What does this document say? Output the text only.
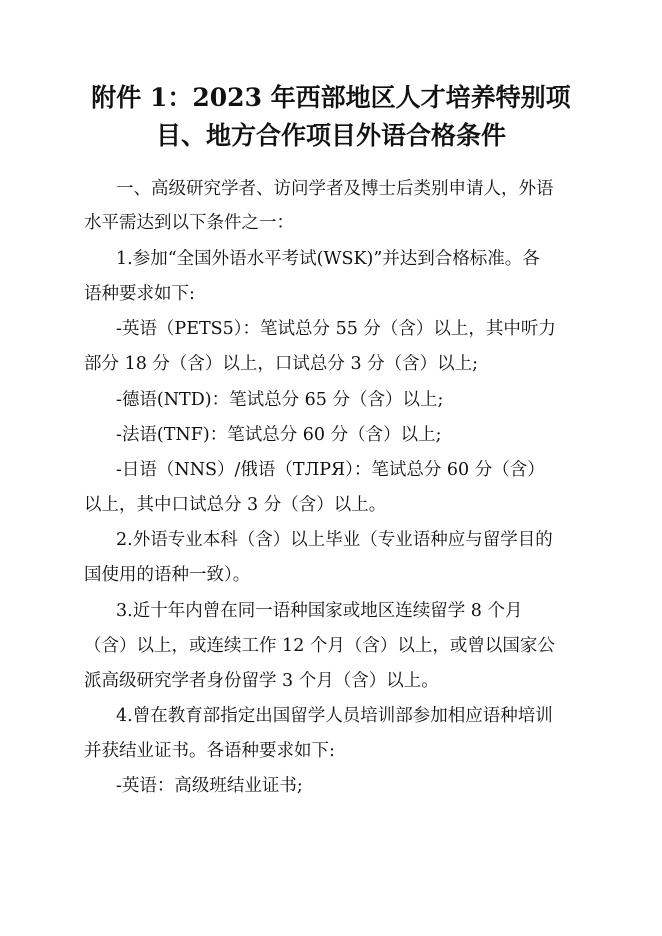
附件 1：2023 年西部地区人才培养特别项
目、地方合作项目外语合格条件
一、高级研究学者、访问学者及博士后类别申请人，外语
水平需达到以下条件之一：
1.参加“全国外语水平考试(WSK)”并达到合格标准。各
语种要求如下:
-英语（PETS5）：笔试总分 55 分（含）以上，其中听力
部分 18 分（含）以上，口试总分 3 分（含）以上;
-德语(NTD)：笔试总分 65 分（含）以上;
-法语(TNF)：笔试总分 60 分（含）以上;
-日语（NNS）/俄语（ТЛРЯ）：笔试总分 60 分（含）
以上，其中口试总分 3 分（含）以上。
2.外语专业本科（含）以上毕业（专业语种应与留学目的
国使用的语种一致）。
3.近十年内曾在同一语种国家或地区连续留学 8 个月
（含）以上，或连续工作 12 个月（含）以上，或曾以国家公
派高级研究学者身份留学 3 个月（含）以上。
4.曾在教育部指定出国留学人员培训部参加相应语种培训
并获结业证书。各语种要求如下:
-英语：高级班结业证书;
